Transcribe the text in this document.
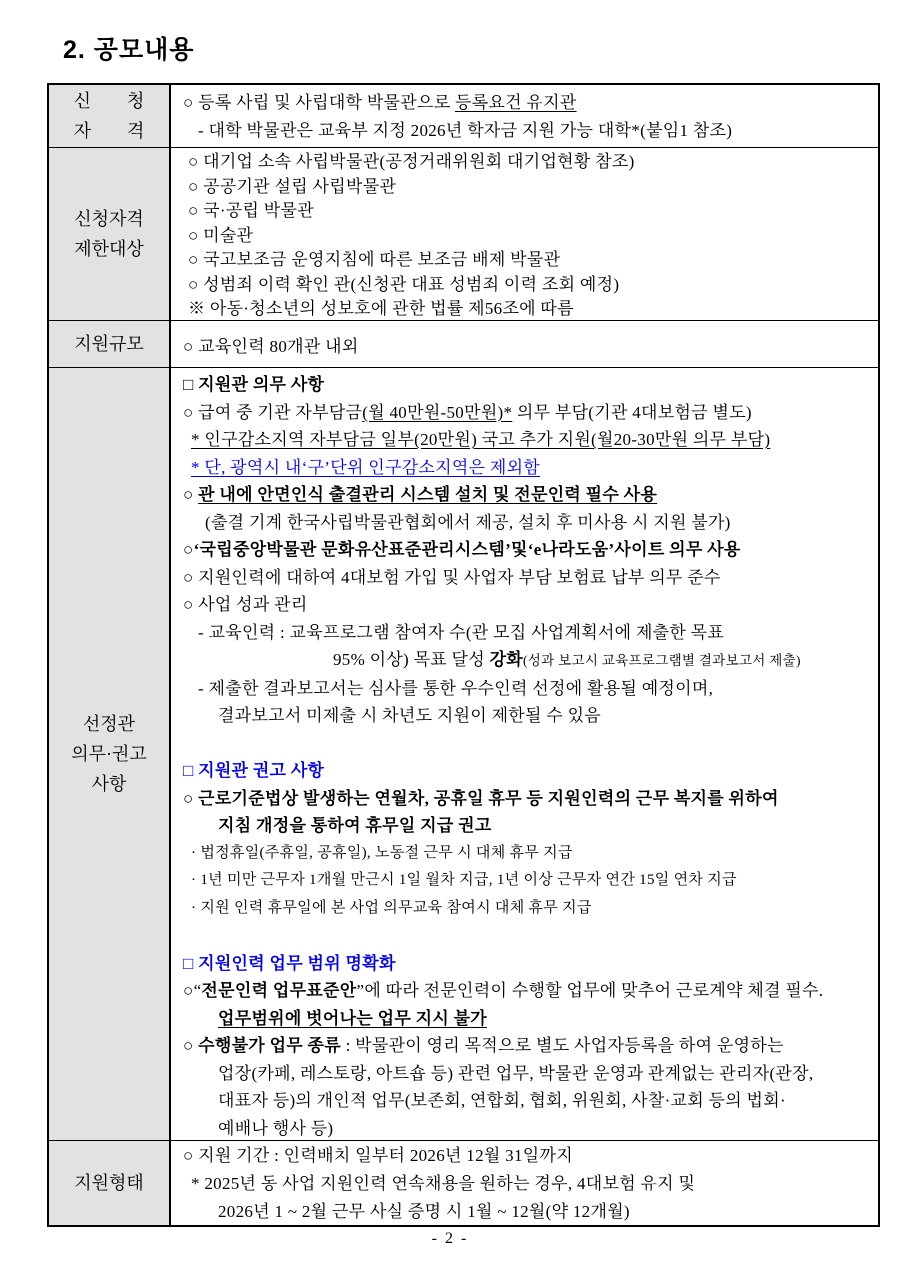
2. 공모내용
신　　청
자　　격
○ 등록 사립 및 사립대학 박물관으로 등록요건 유지관
- 대학 박물관은 교육부 지정 2026년 학자금 지원 가능 대학*(붙임1 참조)
신청자격
제한대상
○ 대기업 소속 사립박물관(공정거래위원회 대기업현황 참조)
○ 공공기관 설립 사립박물관
○ 국·공립 박물관
○ 미술관
○ 국고보조금 운영지침에 따른 보조금 배제 박물관
○ 성범죄 이력 확인 관(신청관 대표 성범죄 이력 조회 예정)
※ 아동·청소년의 성보호에 관한 법률 제56조에 따름
지원규모 ○ 교육인력 80개관 내외
선정관
의무·권고
사항
□ 지원관 의무 사항
○ 급여 중 기관 자부담금(월 40만원-50만원)* 의무 부담(기관 4대보험금 별도)
* 인구감소지역 자부담금 일부(20만원) 국고 추가 지원(월20-30만원 의무 부담)
* 단, 광역시 내‘구’단위 인구감소지역은 제외함
○ 관 내에 안면인식 출결관리 시스템 설치 및 전문인력 필수 사용
(출결 기계 한국사립박물관협회에서 제공, 설치 후 미사용 시 지원 불가)
○‘국립중앙박물관 문화유산표준관리시스템’및‘e나라도움’사이트 의무 사용
○ 지원인력에 대하여 4대보험 가입 및 사업자 부담 보험료 납부 의무 준수
○ 사업 성과 관리
- 교육인력 : 교육프로그램 참여자 수(관 모집 사업계획서에 제출한 목표
95% 이상) 목표 달성 강화(성과 보고시 교육프로그램별 결과보고서 제출)
- 제출한 결과보고서는 심사를 통한 우수인력 선정에 활용될 예정이며,
결과보고서 미제출 시 차년도 지원이 제한될 수 있음
□ 지원관 권고 사항
○ 근로기준법상 발생하는 연월차, 공휴일 휴무 등 지원인력의 근무 복지를 위하여
지침 개정을 통하여 휴무일 지급 권고
· 법정휴일(주휴일, 공휴일), 노동절 근무 시 대체 휴무 지급
· 1년 미만 근무자 1개월 만근시 1일 월차 지급, 1년 이상 근무자 연간 15일 연차 지급
· 지원 인력 휴무일에 본 사업 의무교육 참여시 대체 휴무 지급
□ 지원인력 업무 범위 명확화
○“전문인력 업무표준안”에 따라 전문인력이 수행할 업무에 맞추어 근로계약 체결 필수.
업무범위에 벗어나는 업무 지시 불가
○ 수행불가 업무 종류 : 박물관이 영리 목적으로 별도 사업자등록을 하여 운영하는
업장(카페, 레스토랑, 아트숍 등) 관련 업무, 박물관 운영과 관계없는 관리자(관장,
대표자 등)의 개인적 업무(보존회, 연합회, 협회, 위원회, 사찰·교회 등의 법회·
예배나 행사 등)
지원형태
○ 지원 기간 : 인력배치 일부터 2026년 12월 31일까지
* 2025년 동 사업 지원인력 연속채용을 원하는 경우, 4대보험 유지 및
2026년 1 ~ 2월 근무 사실 증명 시 1월 ~ 12월(약 12개월)
- 2 -
